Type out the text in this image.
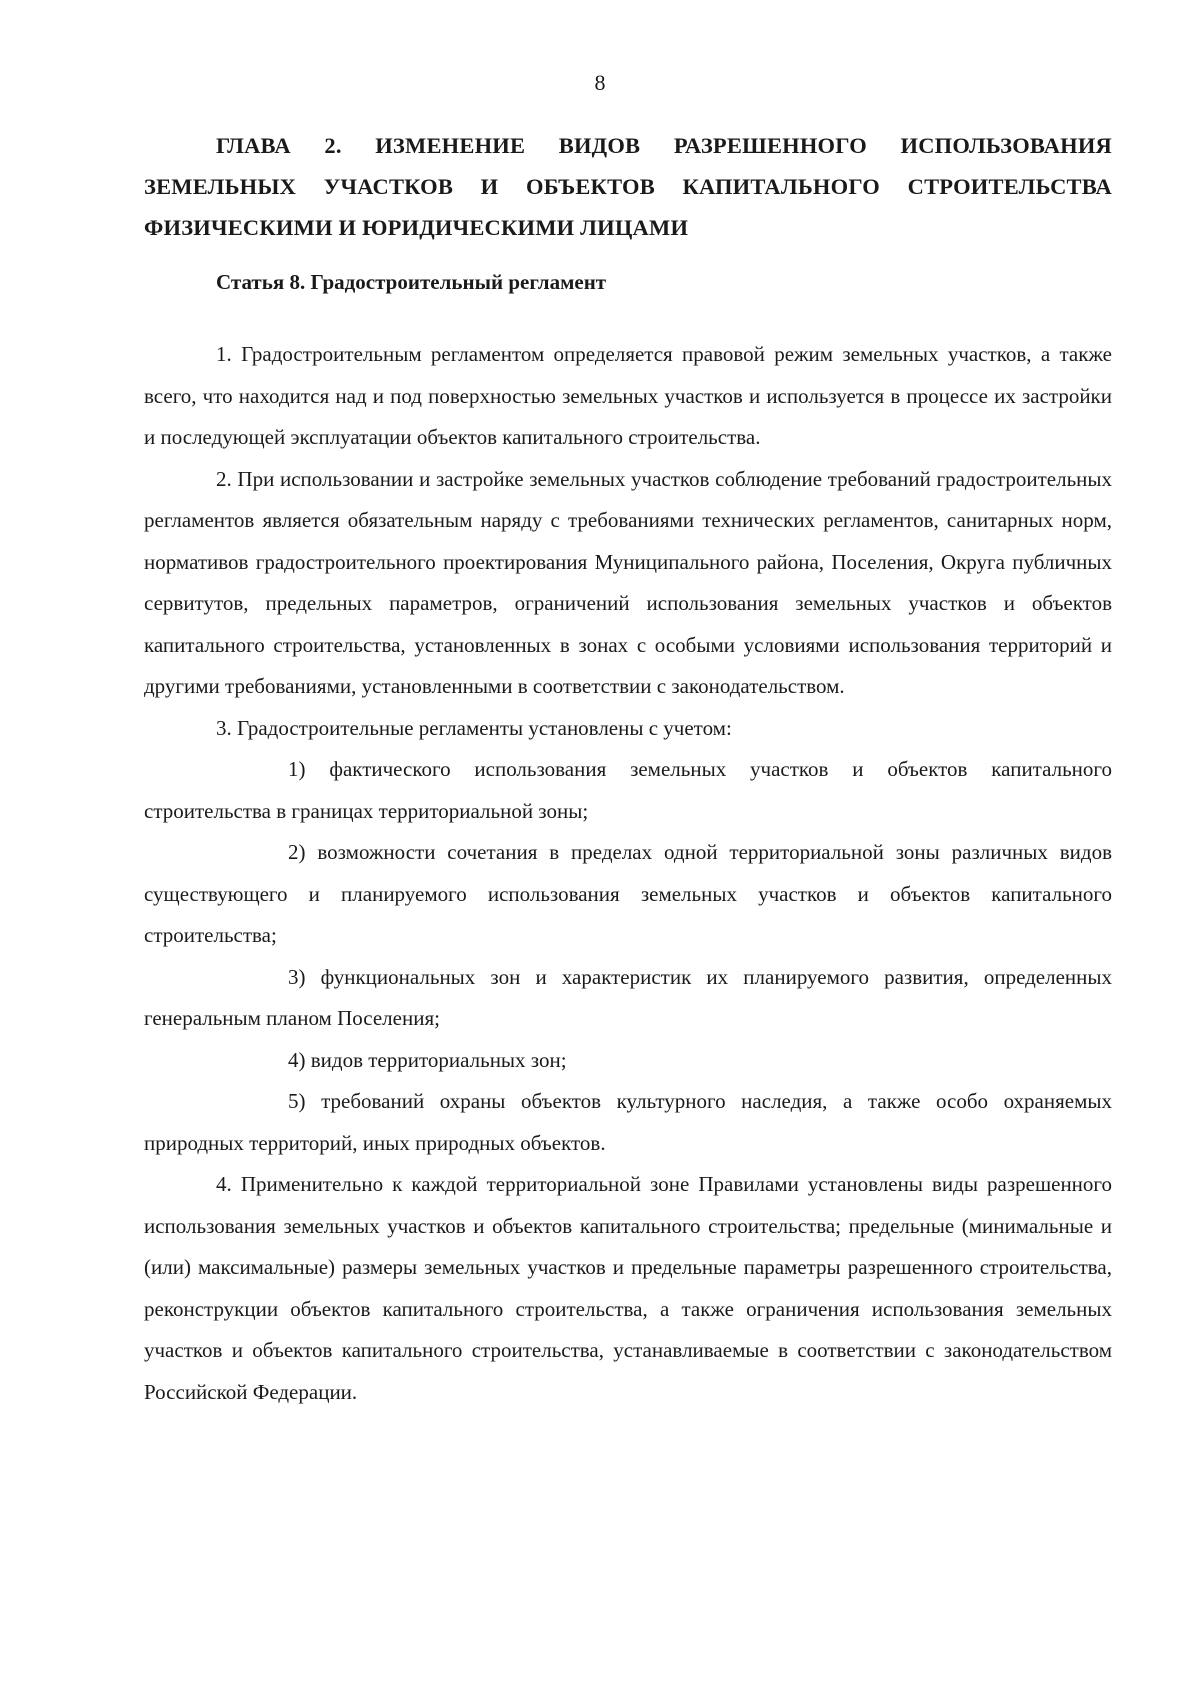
8
ГЛАВА 2. ИЗМЕНЕНИЕ ВИДОВ РАЗРЕШЕННОГО ИСПОЛЬЗОВАНИЯ ЗЕМЕЛЬНЫХ УЧАСТКОВ И ОБЪЕКТОВ КАПИТАЛЬНОГО СТРОИТЕЛЬСТВА ФИЗИЧЕСКИМИ И ЮРИДИЧЕСКИМИ ЛИЦАМИ
Статья 8. Градостроительный регламент

1. Градостроительным регламентом определяется правовой режим земельных участков, а также всего, что находится над и под поверхностью земельных участков и используется в процессе их застройки и последующей эксплуатации объектов капитального строительства.

2. При использовании и застройке земельных участков соблюдение требований градостроительных регламентов является обязательным наряду с требованиями технических регламентов, санитарных норм, нормативов градостроительного проектирования Муниципального района, Поселения, Округа публичных сервитутов, предельных параметров, ограничений использования земельных участков и объектов капитального строительства, установленных в зонах с особыми условиями использования территорий и другими требованиями, установленными в соответствии с законодательством.

3. Градостроительные регламенты установлены с учетом:

1) фактического использования земельных участков и объектов капитального строительства в границах территориальной зоны;

2) возможности сочетания в пределах одной территориальной зоны различных видов существующего и планируемого использования земельных участков и объектов капитального строительства;

3) функциональных зон и характеристик их планируемого развития, определенных генеральным планом Поселения;

4) видов территориальных зон;

5) требований охраны объектов культурного наследия, а также особо охраняемых природных территорий, иных природных объектов.

4. Применительно к каждой территориальной зоне Правилами установлены виды разрешенного использования земельных участков и объектов капитального строительства; предельные (минимальные и (или) максимальные) размеры земельных участков и предельные параметры разрешенного строительства, реконструкции объектов капитального строительства, а также ограничения использования земельных участков и объектов капитального строительства, устанавливаемые в соответствии с законодательством Российской Федерации.
